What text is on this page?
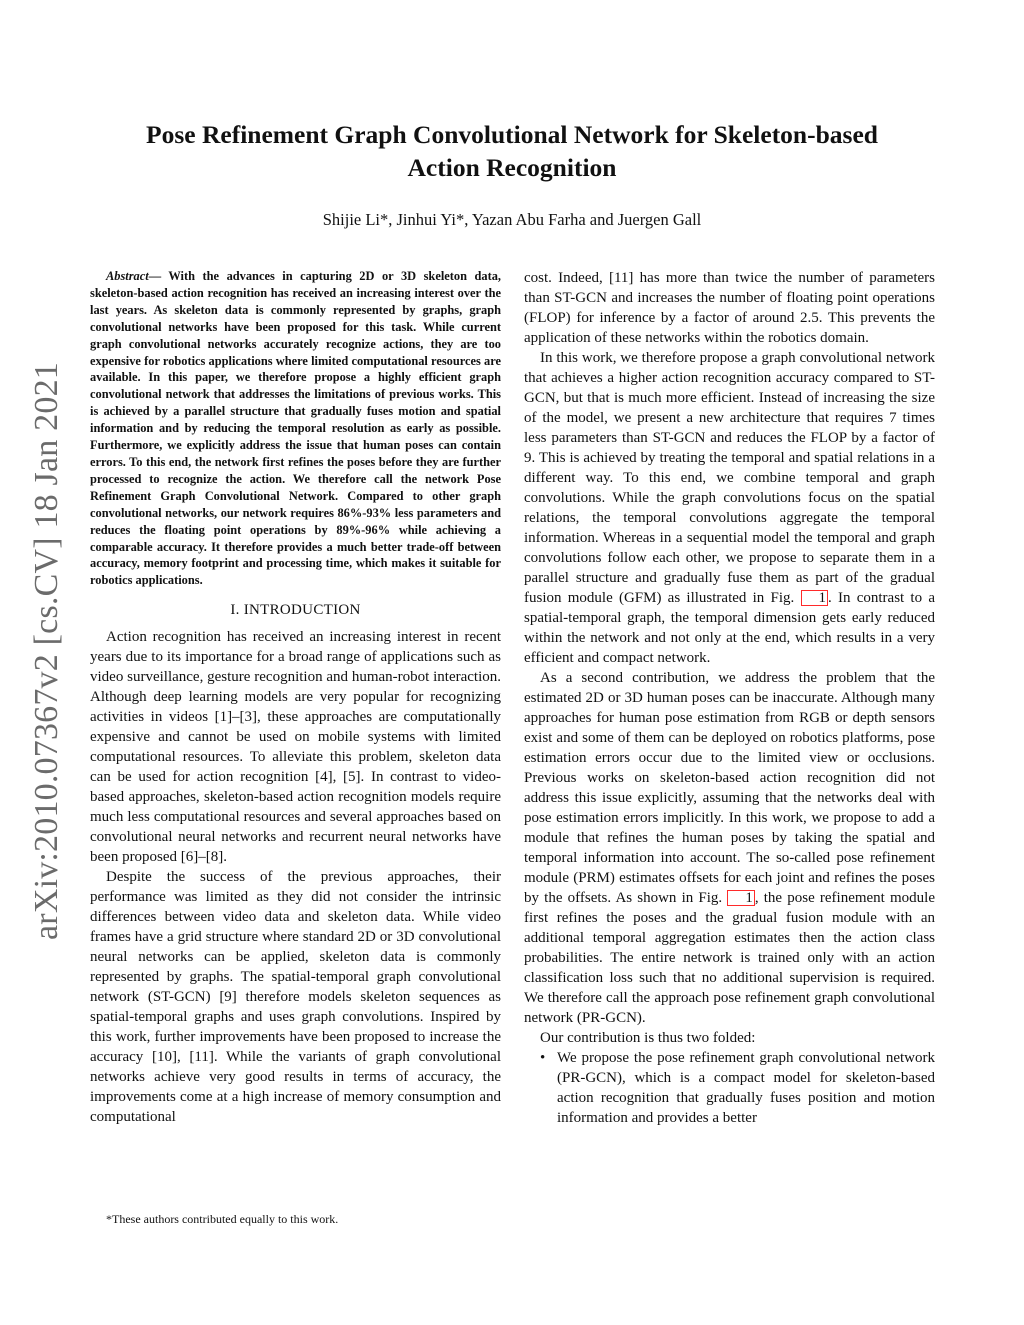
arXiv:2010.07367v2 [cs.CV] 18 Jan 2021
Pose Refinement Graph Convolutional Network for Skeleton-based
Action Recognition
Shijie Li*, Jinhui Yi*, Yazan Abu Farha and Juergen Gall

Abstract— With the advances in capturing 2D or 3D skeleton data, skeleton-based action recognition has received an increasing interest over the last years. As skeleton data is commonly represented by graphs, graph convolutional networks have been proposed for this task. While current graph convolutional networks accurately recognize actions, they are too expensive for robotics applications where limited computational resources are available. In this paper, we therefore propose a highly efficient graph convolutional network that addresses the limitations of previous works. This is achieved by a parallel structure that gradually fuses motion and spatial information and by reducing the temporal resolution as early as possible. Furthermore, we explicitly address the issue that human poses can contain errors. To this end, the network first refines the poses before they are further processed to recognize the action. We therefore call the network Pose Refinement Graph Convolutional Network. Compared to other graph convolutional networks, our network requires 86%-93% less parameters and reduces the floating point operations by 89%-96% while achieving a comparable accuracy. It therefore provides a much better trade-off between accuracy, memory footprint and processing time, which makes it suitable for robotics applications.

I. INTRODUCTION

Action recognition has received an increasing interest in recent years due to its importance for a broad range of applications such as video surveillance, gesture recognition and human-robot interaction. Although deep learning models are very popular for recognizing activities in videos [1]–[3], these approaches are computationally expensive and cannot be used on mobile systems with limited computational resources. To alleviate this problem, skeleton data can be used for action recognition [4], [5]. In contrast to video-based approaches, skeleton-based action recognition models require much less computational resources and several approaches based on convolutional neural networks and recurrent neural networks have been proposed [6]–[8].

Despite the success of the previous approaches, their performance was limited as they did not consider the intrinsic differences between video data and skeleton data. While video frames have a grid structure where standard 2D or 3D convolutional neural networks can be applied, skeleton data is commonly represented by graphs. The spatial-temporal graph convolutional network (ST-GCN) [9] therefore models skeleton sequences as spatial-temporal graphs and uses graph convolutions. Inspired by this work, further improvements have been proposed to increase the accuracy [10], [11]. While the variants of graph convolutional networks achieve very good results in terms of accuracy, the improvements come at a high increase of memory consumption and computational

cost. Indeed, [11] has more than twice the number of parameters than ST-GCN and increases the number of floating point operations (FLOP) for inference by a factor of around 2.5. This prevents the application of these networks within the robotics domain.

In this work, we therefore propose a graph convolutional network that achieves a higher action recognition accuracy compared to ST-GCN, but that is much more efficient. Instead of increasing the size of the model, we present a new architecture that requires 7 times less parameters than ST-GCN and reduces the FLOP by a factor of 9. This is achieved by treating the temporal and spatial relations in a different way. To this end, we combine temporal and graph convolutions. While the graph convolutions focus on the spatial relations, the temporal convolutions aggregate the temporal information. Whereas in a sequential model the temporal and graph convolutions follow each other, we propose to separate them in a parallel structure and gradually fuse them as part of the gradual fusion module (GFM) as illustrated in Fig. 1 . In contrast to a spatial-temporal graph, the temporal dimension gets early reduced within the network and not only at the end, which results in a very efficient and compact network.

As a second contribution, we address the problem that the estimated 2D or 3D human poses can be inaccurate. Although many approaches for human pose estimation from RGB or depth sensors exist and some of them can be deployed on robotics platforms, pose estimation errors occur due to the limited view or occlusions. Previous works on skeleton-based action recognition did not address this issue explicitly, assuming that the networks deal with pose estimation errors implicitly. In this work, we propose to add a module that refines the human poses by taking the spatial and temporal information into account. The so-called pose refinement module (PRM) estimates offsets for each joint and refines the poses by the offsets. As shown in Fig. 1 , the pose refinement module first refines the poses and the gradual fusion module with an additional temporal aggregation estimates then the action class probabilities. The entire network is trained only with an action classification loss such that no additional supervision is required. We therefore call the approach pose refinement graph convolutional network (PR-GCN).

Our contribution is thus two folded:

• We propose the pose refinement graph convolutional network (PR-GCN), which is a compact model for skeleton-based action recognition that gradually fuses position and motion information and provides a better
*These authors contributed equally to this work.
